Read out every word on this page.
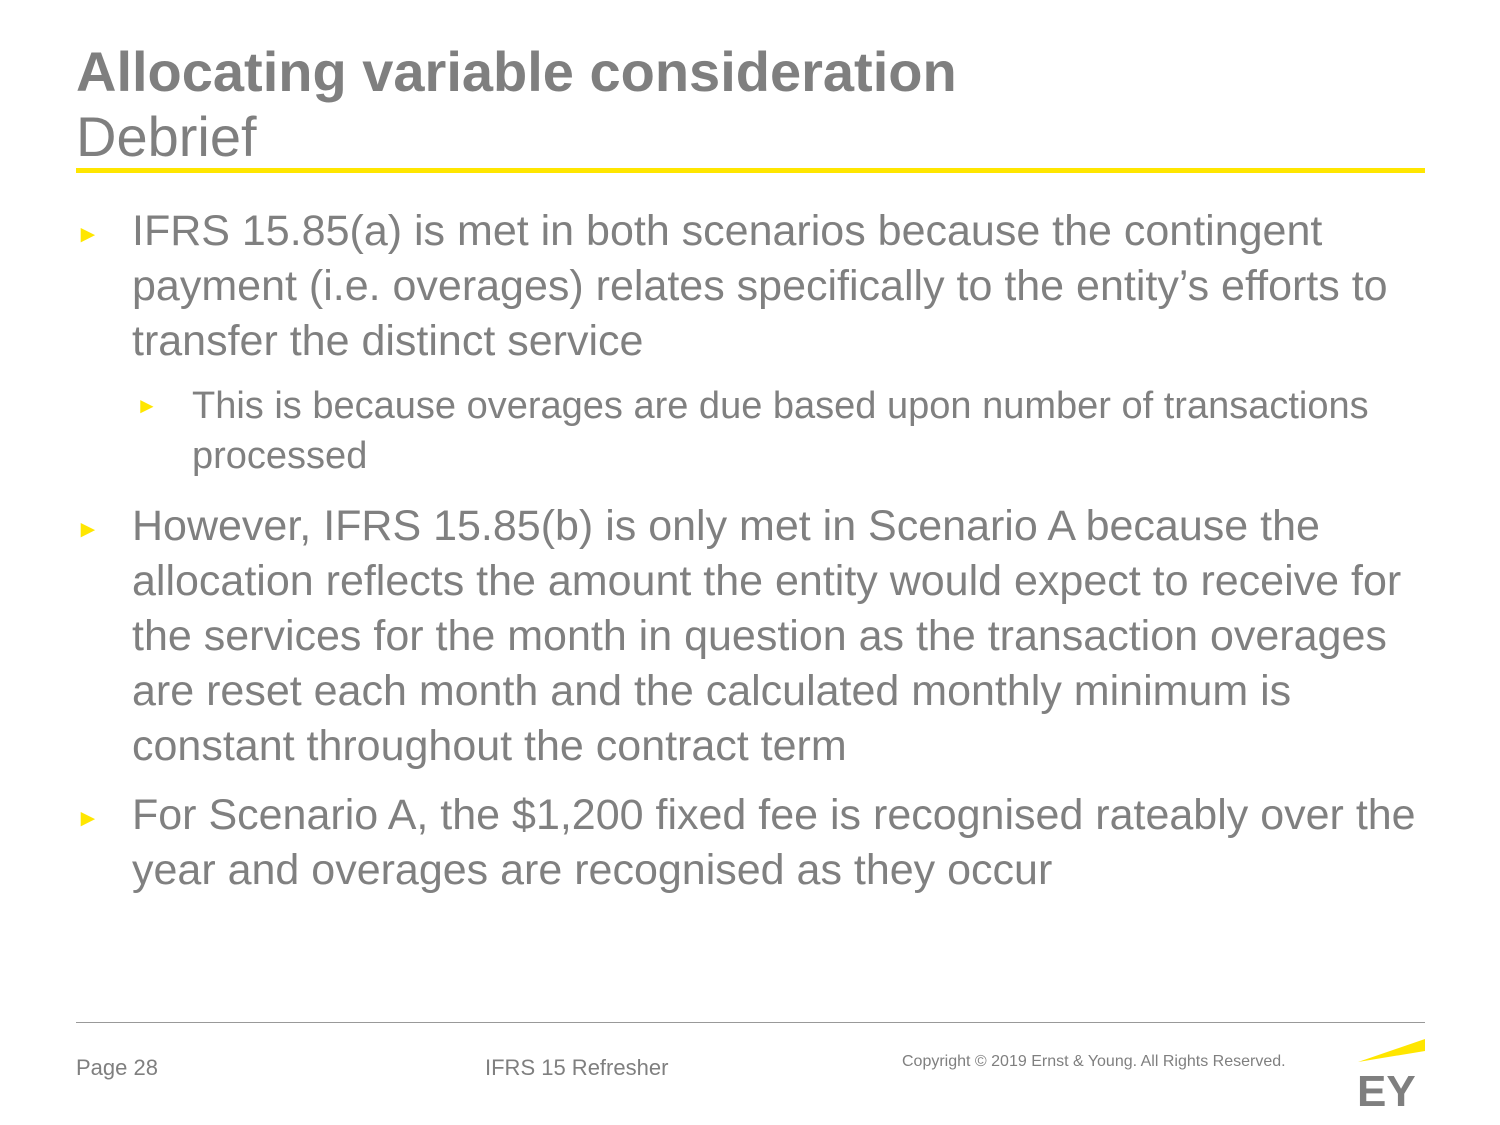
Allocating variable consideration
Debrief
► IFRS 15.85(a) is met in both scenarios because the contingent payment (i.e. overages) relates specifically to the entity’s efforts to transfer the distinct service
► This is because overages are due based upon number of transactions processed
► However, IFRS 15.85(b) is only met in Scenario A because the allocation reflects the amount the entity would expect to receive for the services for the month in question as the transaction overages are reset each month and the calculated monthly minimum is constant throughout the contract term
► For Scenario A, the $1,200 fixed fee is recognised rateably over the year and overages are recognised as they occur
Page 28	IFRS 15 Refresher	Copyright © 2019 Ernst & Young. All Rights Reserved.
EY
